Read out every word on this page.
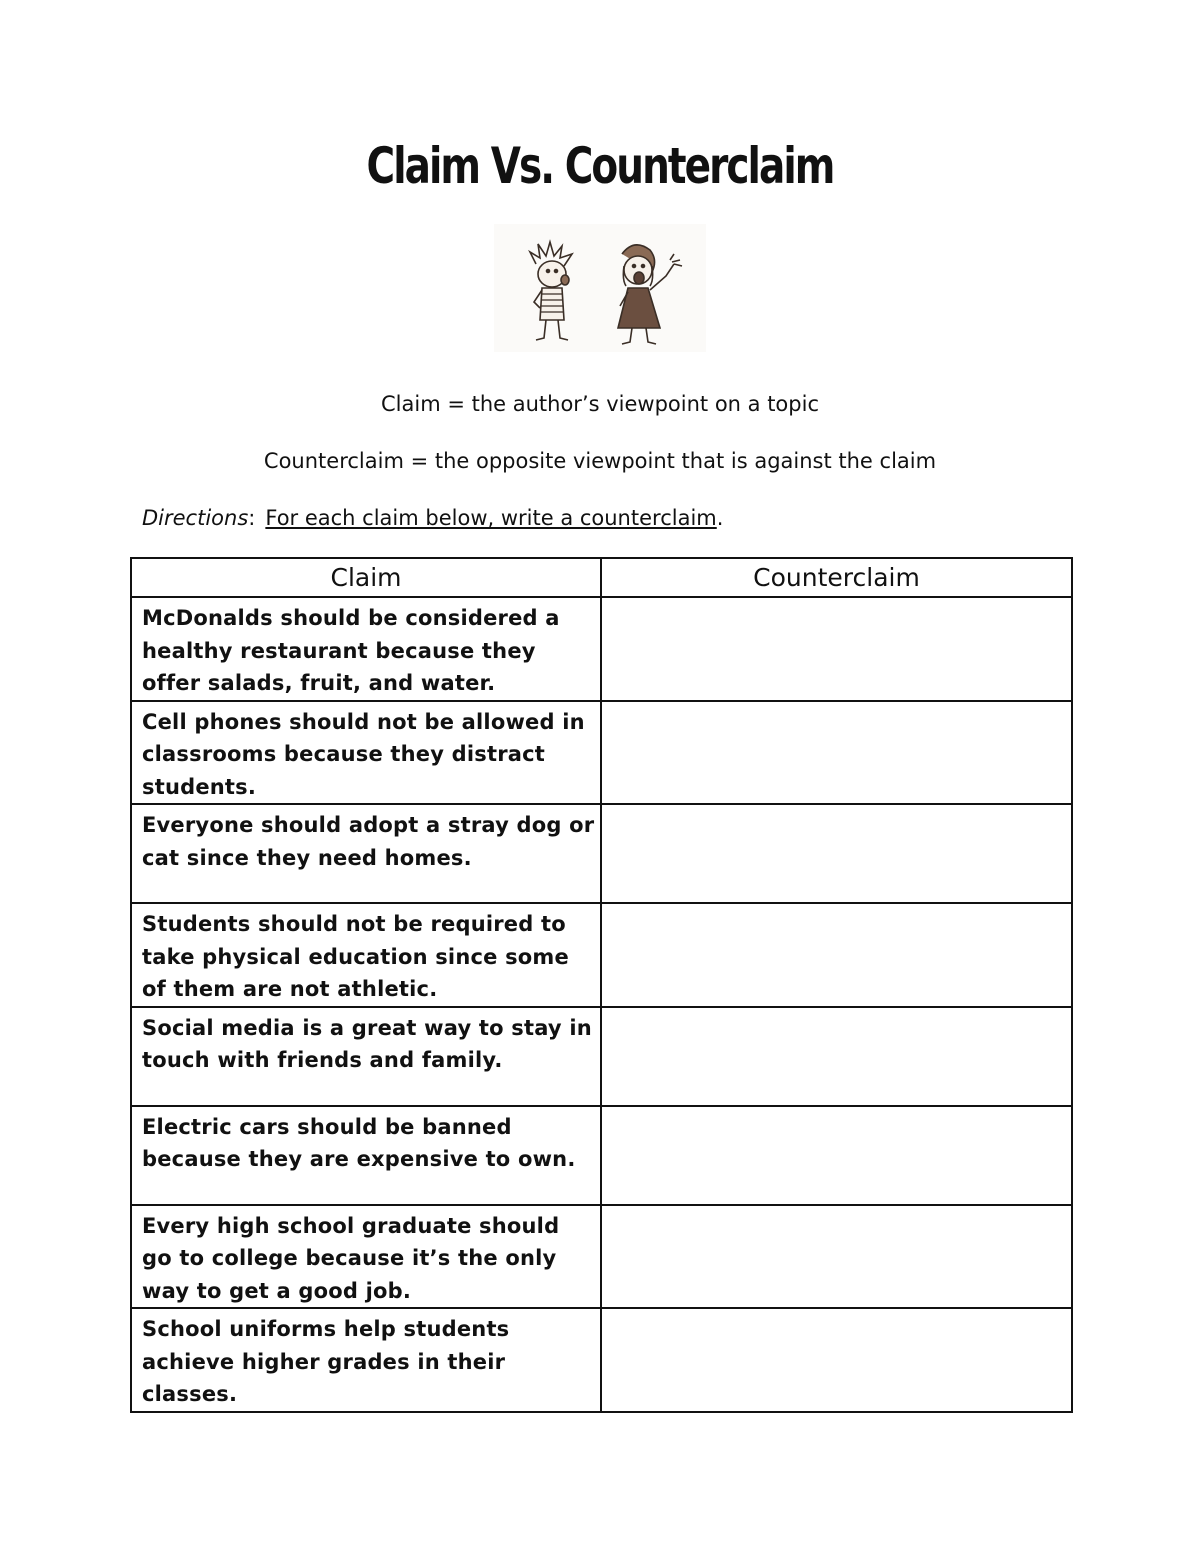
Claim Vs. Counterclaim
Claim = the author’s viewpoint on a topic
Counterclaim = the opposite viewpoint that is against the claim
Directions: For each claim below, write a counterclaim.
Claim	Counterclaim

McDonalds should be considered a healthy restaurant because they offer salads, fruit, and water.	

Cell phones should not be allowed in classrooms because they distract students.	

Everyone should adopt a stray dog or cat since they need homes.	

Students should not be required to take physical education since some of them are not athletic.	

Social media is a great way to stay in touch with friends and family.	

Electric cars should be banned because they are expensive to own.	

Every high school graduate should go to college because it’s the only way to get a good job.	

School uniforms help students achieve higher grades in their classes.	
